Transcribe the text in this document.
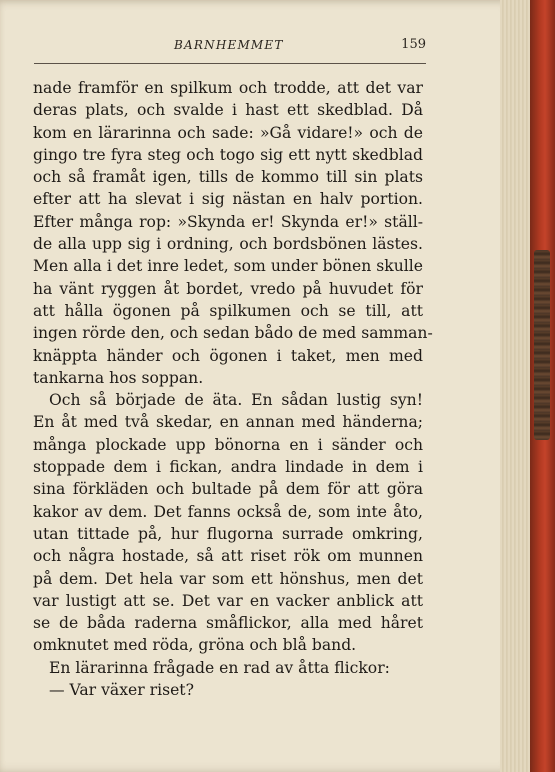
BARNHEMMET	159
nade framför en spilkum och trodde, att det var
deras plats, och svalde i hast ett skedblad. Då
kom en lärarinna och sade: »Gå vidare!» och de
gingo tre fyra steg och togo sig ett nytt skedblad
och så framåt igen, tills de kommo till sin plats
efter att ha slevat i sig nästan en halv portion.
Efter många rop: »Skynda er! Skynda er!» ställ-
de alla upp sig i ordning, och bordsbönen lästes.
Men alla i det inre ledet, som under bönen skulle
ha vänt ryggen åt bordet, vredo på huvudet för
att hålla ögonen på spilkumen och se till, att
ingen rörde den, och sedan bådo de med samman-
knäppta händer och ögonen i taket, men med
tankarna hos soppan.
Och så började de äta. En sådan lustig syn!
En åt med två skedar, en annan med händerna;
många plockade upp bönorna en i sänder och
stoppade dem i fickan, andra lindade in dem i
sina förkläden och bultade på dem för att göra
kakor av dem. Det fanns också de, som inte åto,
utan tittade på, hur flugorna surrade omkring,
och några hostade, så att riset rök om munnen
på dem. Det hela var som ett hönshus, men det
var lustigt att se. Det var en vacker anblick att
se de båda raderna småflickor, alla med håret
omknutet med röda, gröna och blå band.
En lärarinna frågade en rad av åtta flickor:
— Var växer riset?
